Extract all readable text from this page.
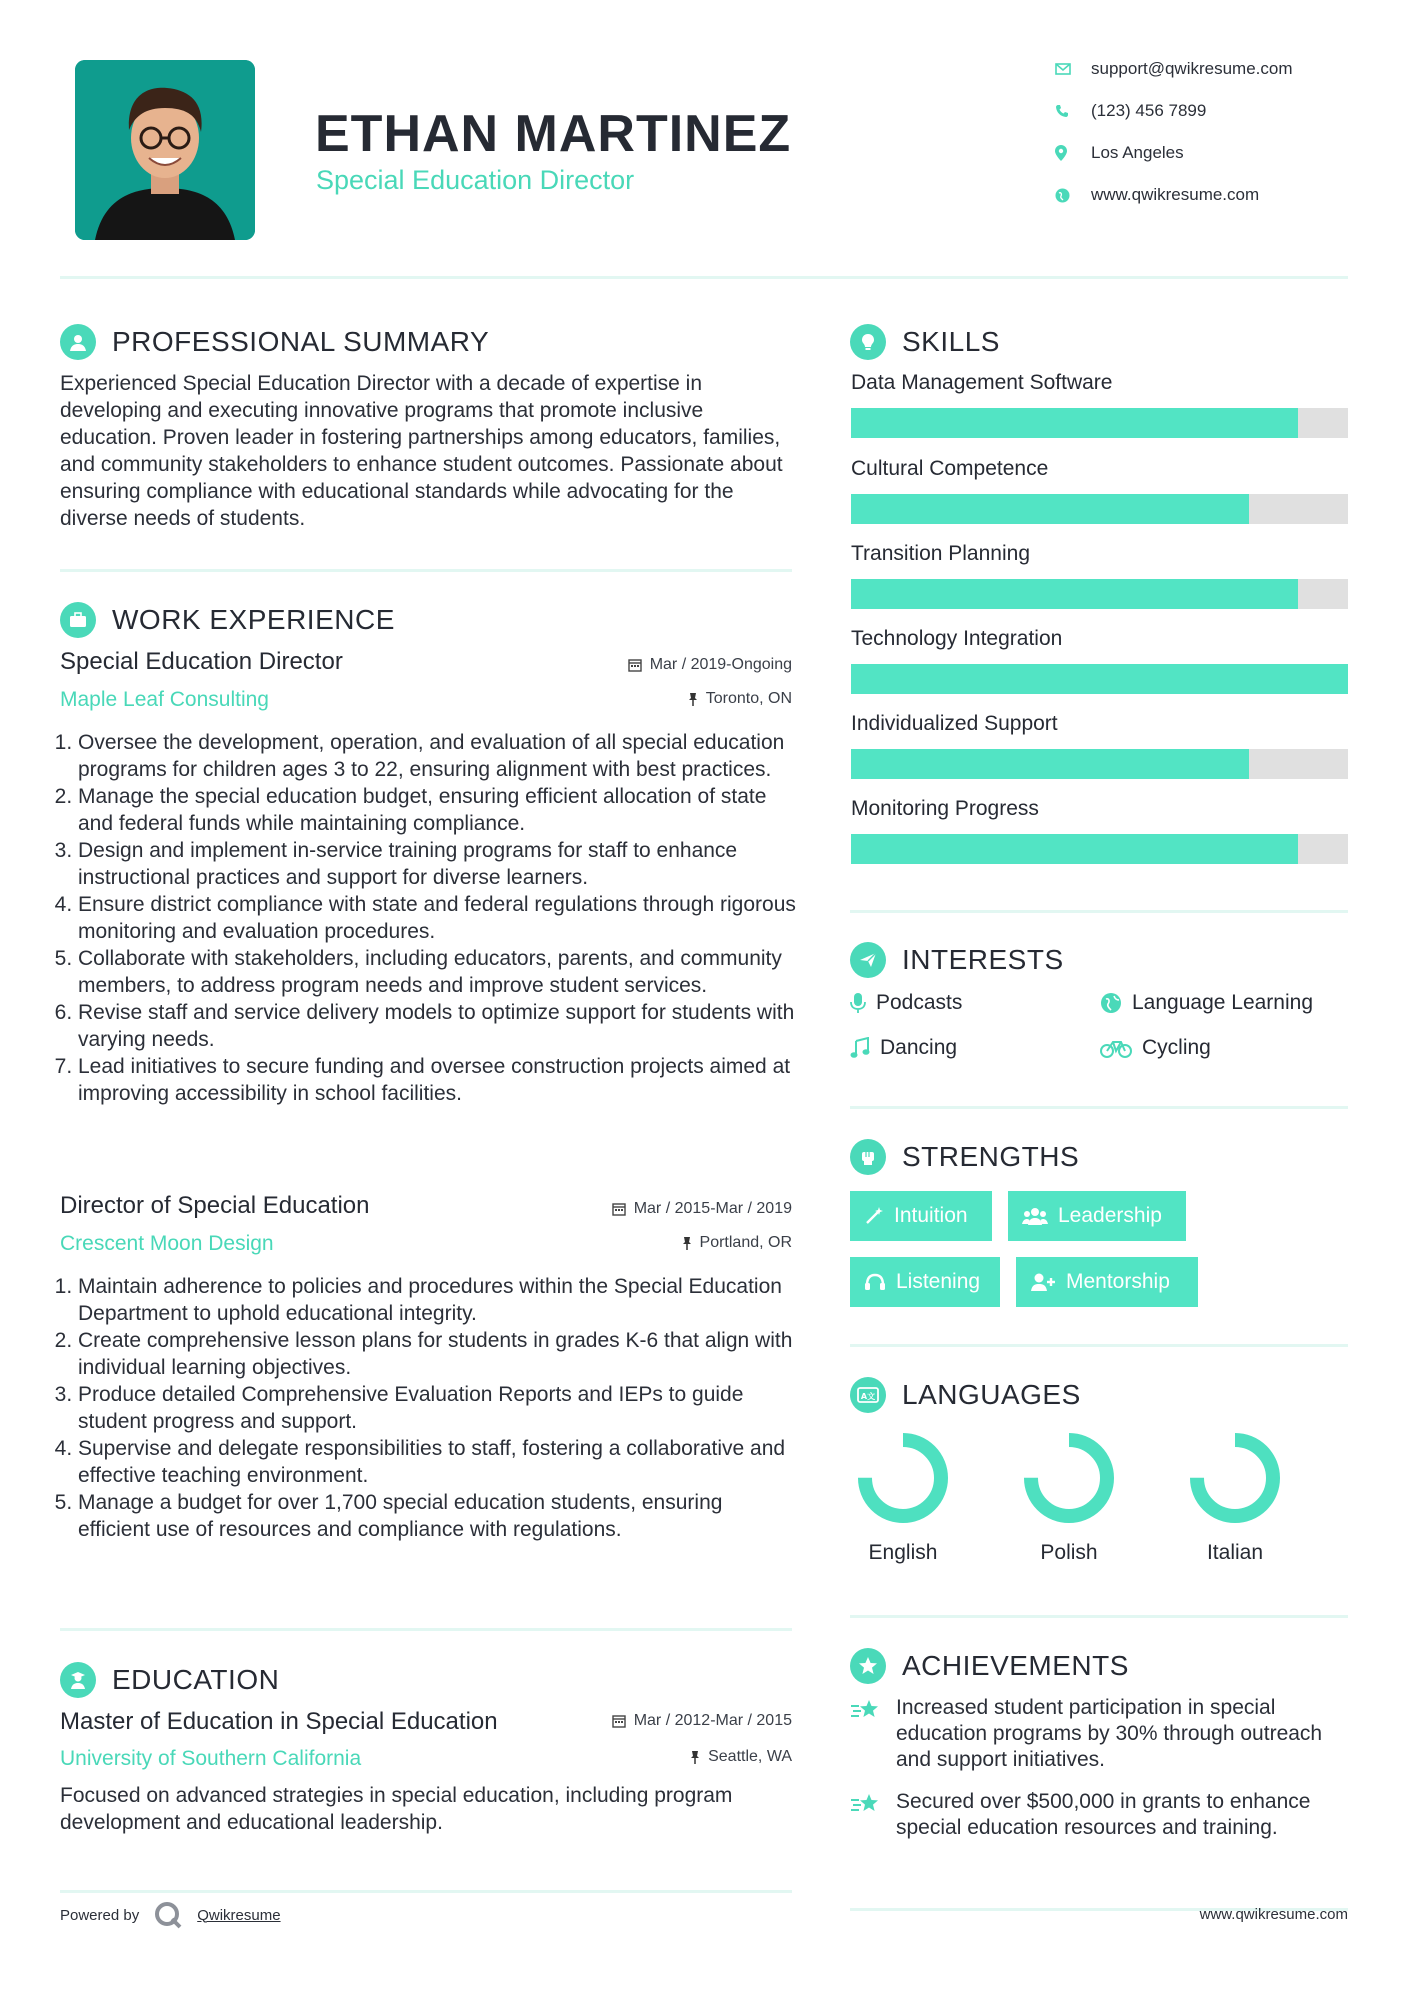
ETHAN MARTINEZ
Special Education Director
support@qwikresume.com
(123) 456 7899
Los Angeles
www.qwikresume.com
PROFESSIONAL SUMMARY
Experienced Special Education Director with a decade of expertise in developing and executing innovative programs that promote inclusive education. Proven leader in fostering partnerships among educators, families, and community stakeholders to enhance student outcomes. Passionate about ensuring compliance with educational standards while advocating for the diverse needs of students.
WORK EXPERIENCE
Special Education Director	Mar / 2019-Ongoing
Maple Leaf Consulting	Toronto, ON
1. Oversee the development, operation, and evaluation of all special education programs for children ages 3 to 22, ensuring alignment with best practices.
2. Manage the special education budget, ensuring efficient allocation of state and federal funds while maintaining compliance.
3. Design and implement in-service training programs for staff to enhance instructional practices and support for diverse learners.
4. Ensure district compliance with state and federal regulations through rigorous monitoring and evaluation procedures.
5. Collaborate with stakeholders, including educators, parents, and community members, to address program needs and improve student services.
6. Revise staff and service delivery models to optimize support for students with varying needs.
7. Lead initiatives to secure funding and oversee construction projects aimed at improving accessibility in school facilities.
Director of Special Education	Mar / 2015-Mar / 2019
Crescent Moon Design	Portland, OR
1. Maintain adherence to policies and procedures within the Special Education Department to uphold educational integrity.
2. Create comprehensive lesson plans for students in grades K-6 that align with individual learning objectives.
3. Produce detailed Comprehensive Evaluation Reports and IEPs to guide student progress and support.
4. Supervise and delegate responsibilities to staff, fostering a collaborative and effective teaching environment.
5. Manage a budget for over 1,700 special education students, ensuring efficient use of resources and compliance with regulations.
EDUCATION
Master of Education in Special Education	Mar / 2012-Mar / 2015
University of Southern California	Seattle, WA
Focused on advanced strategies in special education, including program development and educational leadership.
Powered by	Qwikresume
SKILLS
Data Management Software
Cultural Competence
Transition Planning
Technology Integration
Individualized Support
Monitoring Progress
INTERESTS
Podcasts	Language Learning
Dancing	Cycling
STRENGTHS
Intuition	Leadership
Listening	Mentorship
A文 LANGUAGES
English	Polish	Italian
ACHIEVEMENTS
Increased student participation in special education programs by 30% through outreach and support initiatives.
Secured over $500,000 in grants to enhance special education resources and training.
www.qwikresume.com
